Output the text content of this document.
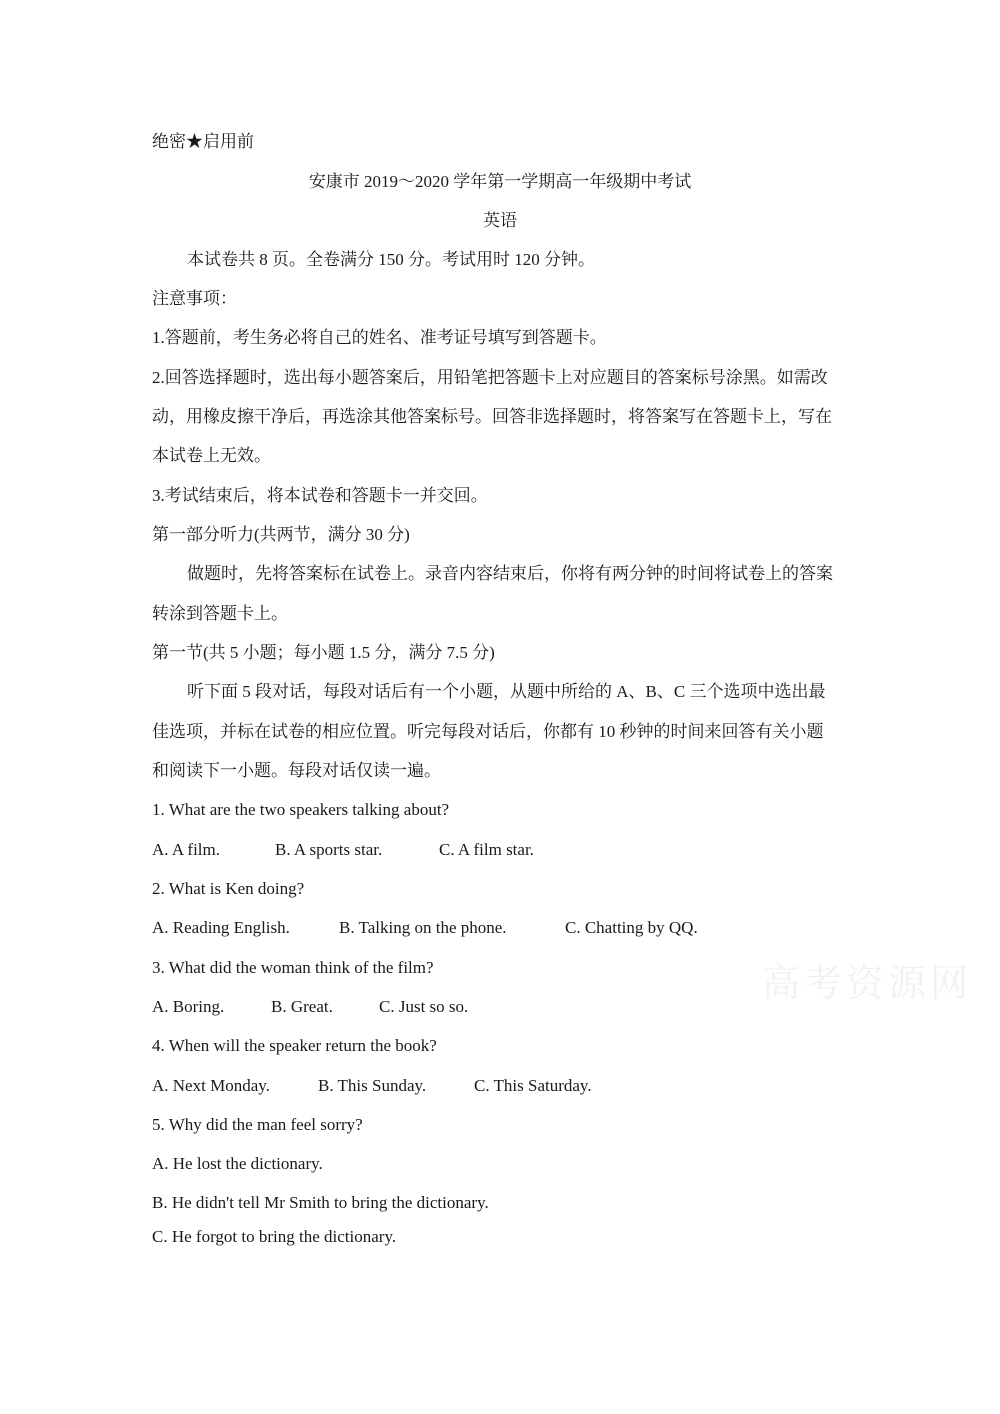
绝密★启用前
安康市 2019～2020 学年第一学期高一年级期中考试
英语
本试卷共 8 页。全卷满分 150 分。考试用时 120 分钟。
注意事项：
1.答题前，考生务必将自己的姓名、准考证号填写到答题卡。
2.回答选择题时，选出每小题答案后，用铅笔把答题卡上对应题目的答案标号涂黑。如需改
动，用橡皮擦干净后，再选涂其他答案标号。回答非选择题时，将答案写在答题卡上，写在
本试卷上无效。
3.考试结束后，将本试卷和答题卡一并交回。
第一部分听力(共两节，满分 30 分)
做题时，先将答案标在试卷上。录音内容结束后，你将有两分钟的时间将试卷上的答案
转涂到答题卡上。
第一节(共 5 小题；每小题 1.5 分，满分 7.5 分)
听下面 5 段对话，每段对话后有一个小题，从题中所给的 A、B、C 三个选项中选出最
佳选项，并标在试卷的相应位置。听完每段对话后，你都有 10 秒钟的时间来回答有关小题
和阅读下一小题。每段对话仅读一遍。
1. What are the two speakers talking about?
A. A film.	B. A sports star.	C. A film star.
2. What is Ken doing?
A. Reading English.	B. Talking on the phone.	C. Chatting by QQ.
3. What did the woman think of the film?
A. Boring.	B. Great.	C. Just so so.
4. When will the speaker return the book?
A. Next Monday.	B. This Sunday.	C. This Saturday.
5. Why did the man feel sorry?
A. He lost the dictionary.
B. He didn't tell Mr Smith to bring the dictionary.
C. He forgot to bring the dictionary.
高考资源网
